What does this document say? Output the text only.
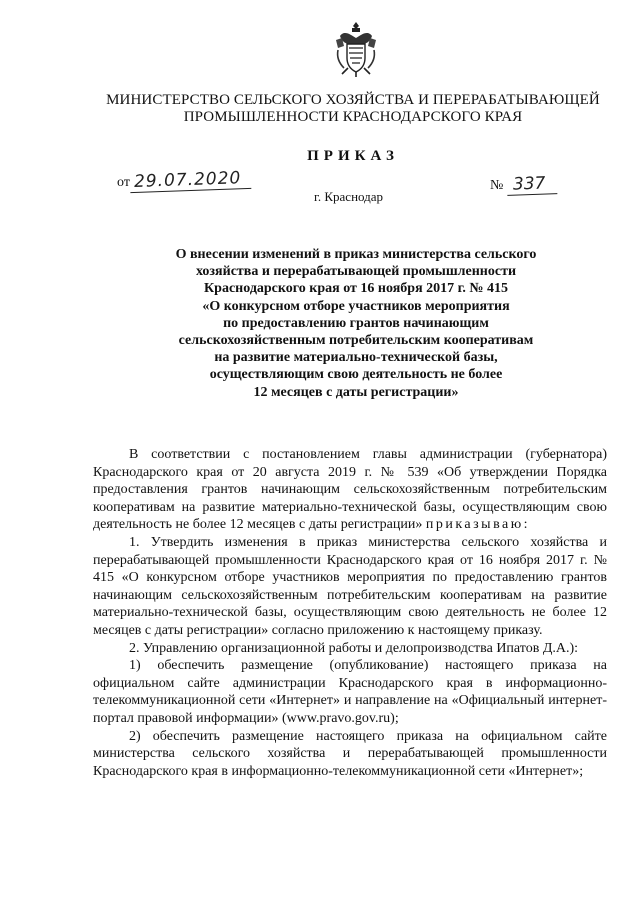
МИНИСТЕРСТВО СЕЛЬСКОГО ХОЗЯЙСТВА И ПЕРЕРАБАТЫВАЮЩЕЙ
ПРОМЫШЛЕННОСТИ КРАСНОДАРСКОГО КРАЯ
ПРИКАЗ
от 29.07.2020	№ 337
г. Краснодар
О внесении изменений в приказ министерства сельского
хозяйства и перерабатывающей промышленности
Краснодарского края от 16 ноября 2017 г. № 415
«О конкурсном отборе участников мероприятия
по предоставлению грантов начинающим
сельскохозяйственным потребительским кооперативам
на развитие материально-технической базы,
осуществляющим свою деятельность не более
12 месяцев с даты регистрации»

В соответствии с постановлением главы администрации (губернатора) Краснодарского края от 20 августа 2019 г. № 539 «Об утверждении Порядка предоставления грантов начинающим сельскохозяйственным потребительским кооперативам на развитие материально-технической базы, осуществляющим свою деятельность не более 12 месяцев с даты регистрации» приказываю:

1. Утвердить изменения в приказ министерства сельского хозяйства и перерабатывающей промышленности Краснодарского края от 16 ноября 2017 г. № 415 «О конкурсном отборе участников мероприятия по предоставлению грантов начинающим сельскохозяйственным потребительским кооперативам на развитие материально-технической базы, осуществляющим свою деятельность не более 12 месяцев с даты регистрации» согласно приложению к настоящему приказу.

2. Управлению организационной работы и делопроизводства Ипатов Д.А.):

1) обеспечить размещение (опубликование) настоящего приказа на официальном сайте администрации Краснодарского края в информационно-телекоммуникационной сети «Интернет» и направление на «Официальный интернет-портал правовой информации» (www.pravo.gov.ru);

2) обеспечить размещение настоящего приказа на официальном сайте министерства сельского хозяйства и перерабатывающей промышленности Краснодарского края в информационно-телекоммуникационной сети «Интернет»;
